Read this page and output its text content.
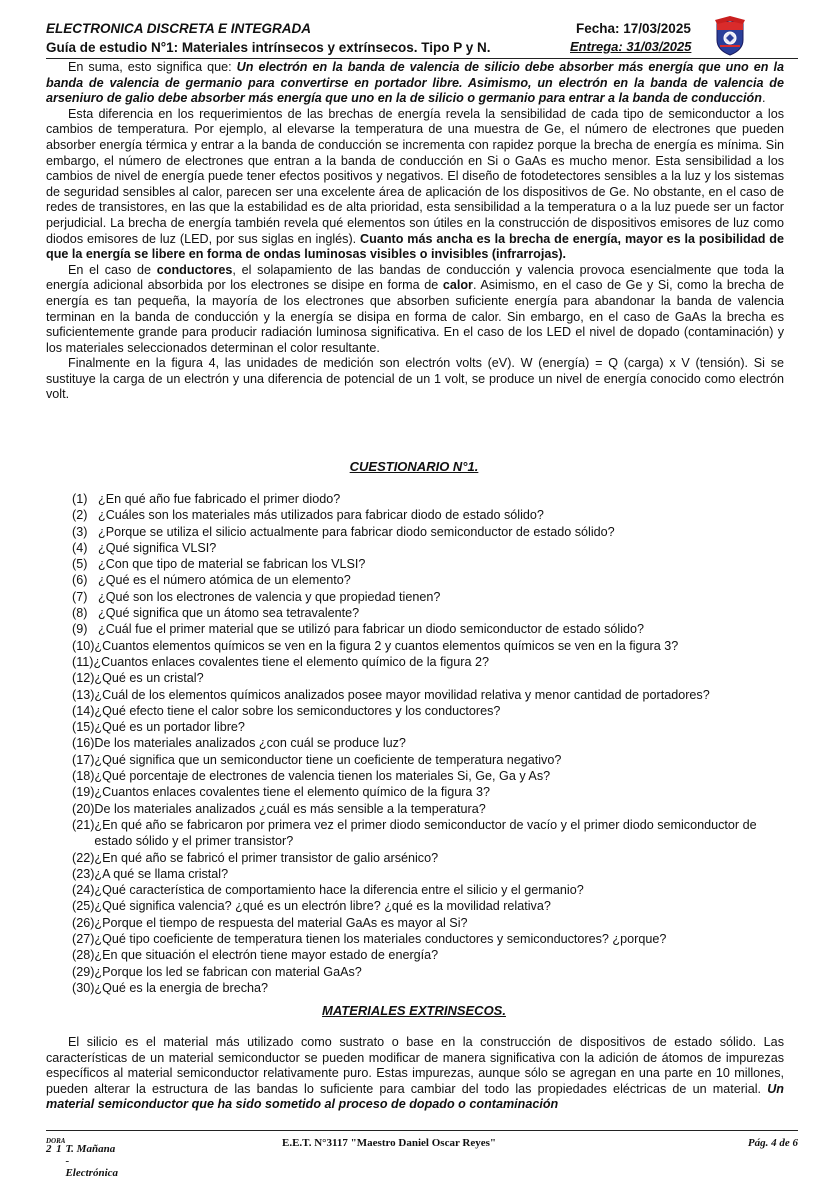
ELECTRONICA DISCRETA E INTEGRADA
Guía de estudio N°1: Materiales intrínsecos y extrínsecos. Tipo P y N.
Fecha: 17/03/2025
Entrega: 31/03/2025

En suma, esto significa que: Un electrón en la banda de valencia de silicio debe absorber más energía que uno en la banda de valencia de germanio para convertirse en portador libre. Asimismo, un electrón en la banda de valencia de arseniuro de galio debe absorber más energía que uno en la de silicio o germanio para entrar a la banda de conducción.

Esta diferencia en los requerimientos de las brechas de energía revela la sensibilidad de cada tipo de semiconductor a los cambios de temperatura. Por ejemplo, al elevarse la temperatura de una muestra de Ge, el número de electrones que pueden absorber energía térmica y entrar a la banda de conducción se incrementa con rapidez porque la brecha de energía es mínima. Sin embargo, el número de electrones que entran a la banda de conducción en Si o GaAs es mucho menor. Esta sensibilidad a los cambios de nivel de energía puede tener efectos positivos y negativos. El diseño de fotodetectores sensibles a la luz y los sistemas de seguridad sensibles al calor, parecen ser una excelente área de aplicación de los dispositivos de Ge. No obstante, en el caso de redes de transistores, en las que la estabilidad es de alta prioridad, esta sensibilidad a la temperatura o a la luz puede ser un factor perjudicial. La brecha de energía también revela qué elementos son útiles en la construcción de dispositivos emisores de luz como diodos emisores de luz (LED, por sus siglas en inglés). Cuanto más ancha es la brecha de energía, mayor es la posibilidad de que la energía se libere en forma de ondas luminosas visibles o invisibles (infrarrojas).

En el caso de conductores, el solapamiento de las bandas de conducción y valencia provoca esencialmente que toda la energía adicional absorbida por los electrones se disipe en forma de calor. Asimismo, en el caso de Ge y Si, como la brecha de energía es tan pequeña, la mayoría de los electrones que absorben suficiente energía para abandonar la banda de valencia terminan en la banda de conducción y la energía se disipa en forma de calor. Sin embargo, en el caso de GaAs la brecha es suficientemente grande para producir radiación luminosa significativa. En el caso de los LED el nivel de dopado (contaminación) y los materiales seleccionados determinan el color resultante.

Finalmente en la figura 4, las unidades de medición son electrón volts (eV). W (energía) = Q (carga) x V (tensión). Si se sustituye la carga de un electrón y una diferencia de potencial de un 1 volt, se produce un nivel de energía conocido como electrón volt.

CUESTIONARIO N°1.
(1) ¿En qué año fue fabricado el primer diodo?
(2) ¿Cuáles son los materiales más utilizados para fabricar diodo de estado sólido?
(3) ¿Porque se utiliza el silicio actualmente para fabricar diodo semiconductor de estado sólido?
(4) ¿Qué significa VLSI?
(5) ¿Con que tipo de material se fabrican los VLSI?
(6) ¿Qué es el número atómica de un elemento?
(7) ¿Qué son los electrones de valencia y que propiedad tienen?
(8) ¿Qué significa que un átomo sea tetravalente?
(9) ¿Cuál fue el primer material que se utilizó para fabricar un diodo semiconductor de estado sólido?
(10) ¿Cuantos elementos químicos se ven en la figura 2 y cuantos elementos químicos se ven en la figura 3?
(11) ¿Cuantos enlaces covalentes tiene el elemento químico de la figura 2?
(12) ¿Qué es un cristal?
(13) ¿Cuál de los elementos químicos analizados posee mayor movilidad relativa y menor cantidad de portadores?
(14) ¿Qué efecto tiene el calor sobre los semiconductores y los conductores?
(15) ¿Qué es un portador libre?
(16) De los materiales analizados ¿con cuál se produce luz?
(17) ¿Qué significa que un semiconductor tiene un coeficiente de temperatura negativo?
(18) ¿Qué porcentaje de electrones de valencia tienen los materiales Si, Ge, Ga y As?
(19) ¿Cuantos enlaces covalentes tiene el elemento químico de la figura 3?
(20) De los materiales analizados ¿cuál es más sensible a la temperatura?
(21) ¿En qué año se fabricaron por primera vez el primer diodo semiconductor de vacío y el primer diodo semiconductor de estado sólido y el primer transistor?
(22) ¿En qué año se fabricó el primer transistor de galio arsénico?
(23) ¿A qué se llama cristal?
(24) ¿Qué característica de comportamiento hace la diferencia entre el silicio y el germanio?
(25) ¿Qué significa valencia? ¿qué es un electrón libre? ¿qué es la movilidad relativa?
(26) ¿Porque el tiempo de respuesta del material GaAs es mayor al Si?
(27) ¿Qué tipo coeficiente de temperatura tienen los materiales conductores y semiconductores? ¿porque?
(28) ¿En que situación el electrón tiene mayor estado de energía?
(29) ¿Porque los led se fabrican con material GaAs?
(30) ¿Qué es la energia de brecha?
MATERIALES EXTRINSECOS.

El silicio es el material más utilizado como sustrato o base en la construcción de dispositivos de estado sólido. Las características de un material semiconductor se pueden modificar de manera significativa con la adición de átomos de impurezas específicos al material semiconductor relativamente puro. Estas impurezas, aunque sólo se agregan en una parte en 10 millones, pueden alterar la estructura de las bandas lo suficiente para cambiar del todo las propiedades eléctricas de un material. Un material semiconductor que ha sido sometido al proceso de dopado o contaminación

2
$^{DO}$
1
$^{RA}$
T. Mañana - Electrónica
E.E.T. N°3117 "Maestro Daniel Oscar Reyes"	Pág. 4 de 6
